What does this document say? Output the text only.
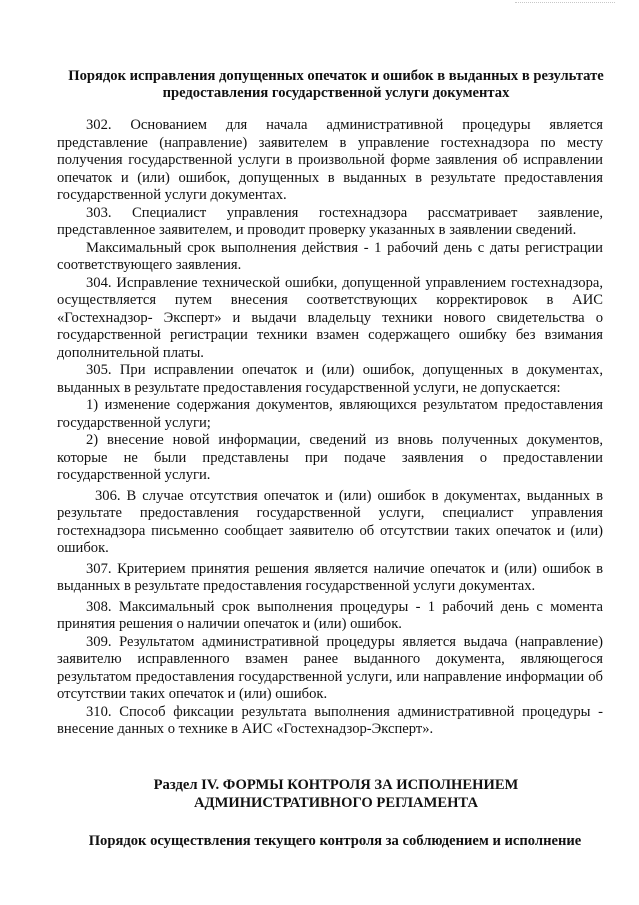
Порядок исправления допущенных опечаток и ошибок в выданных в результате предоставления государственной услуги документах

302. Основанием для начала административной процедуры является представление (направление) заявителем в управление гостехнадзора по месту получения государственной услуги в произвольной форме заявления об исправлении опечаток и (или) ошибок, допущенных в выданных в результате предоставления государственной услуги документах.

303. Специалист управления гостехнадзора рассматривает заявление, представленное заявителем, и проводит проверку указанных в заявлении сведений.

Максимальный срок выполнения действия - 1 рабочий день с даты регистрации соответствующего заявления.

304. Исправление технической ошибки, допущенной управлением гостехнадзора, осуществляется путем внесения соответствующих корректировок в АИС «Гостехнадзор- Эксперт» и выдачи владельцу техники нового свидетельства о государственной регистрации техники взамен содержащего ошибку без взимания дополнительной платы.

305. При исправлении опечаток и (или) ошибок, допущенных в документах, выданных в результате предоставления государственной услуги, не допускается:

1) изменение содержания документов, являющихся результатом предоставления государственной услуги;

2) внесение новой информации, сведений из вновь полученных документов, которые не были представлены при подаче заявления о предоставлении государственной услуги.

306. В случае отсутствия опечаток и (или) ошибок в документах, выданных в результате предоставления государственной услуги, специалист управления гостехнадзора письменно сообщает заявителю об отсутствии таких опечаток и (или) ошибок.

307. Критерием принятия решения является наличие опечаток и (или) ошибок в выданных в результате предоставления государственной услуги документах.

308. Максимальный срок выполнения процедуры - 1 рабочий день с момента принятия решения о наличии опечаток и (или) ошибок.

309. Результатом административной процедуры является выдача (направление) заявителю исправленного взамен ранее выданного документа, являющегося результатом предоставления государственной услуги, или направление информации об отсутствии таких опечаток и (или) ошибок.

310. Способ фиксации результата выполнения административной процедуры - внесение данных о технике в АИС «Гостехнадзор-Эксперт».

Раздел IV. ФОРМЫ КОНТРОЛЯ ЗА ИСПОЛНЕНИЕМ
АДМИНИСТРАТИВНОГО РЕГЛАМЕНТА
Порядок осуществления текущего контроля за соблюдением и исполнение
